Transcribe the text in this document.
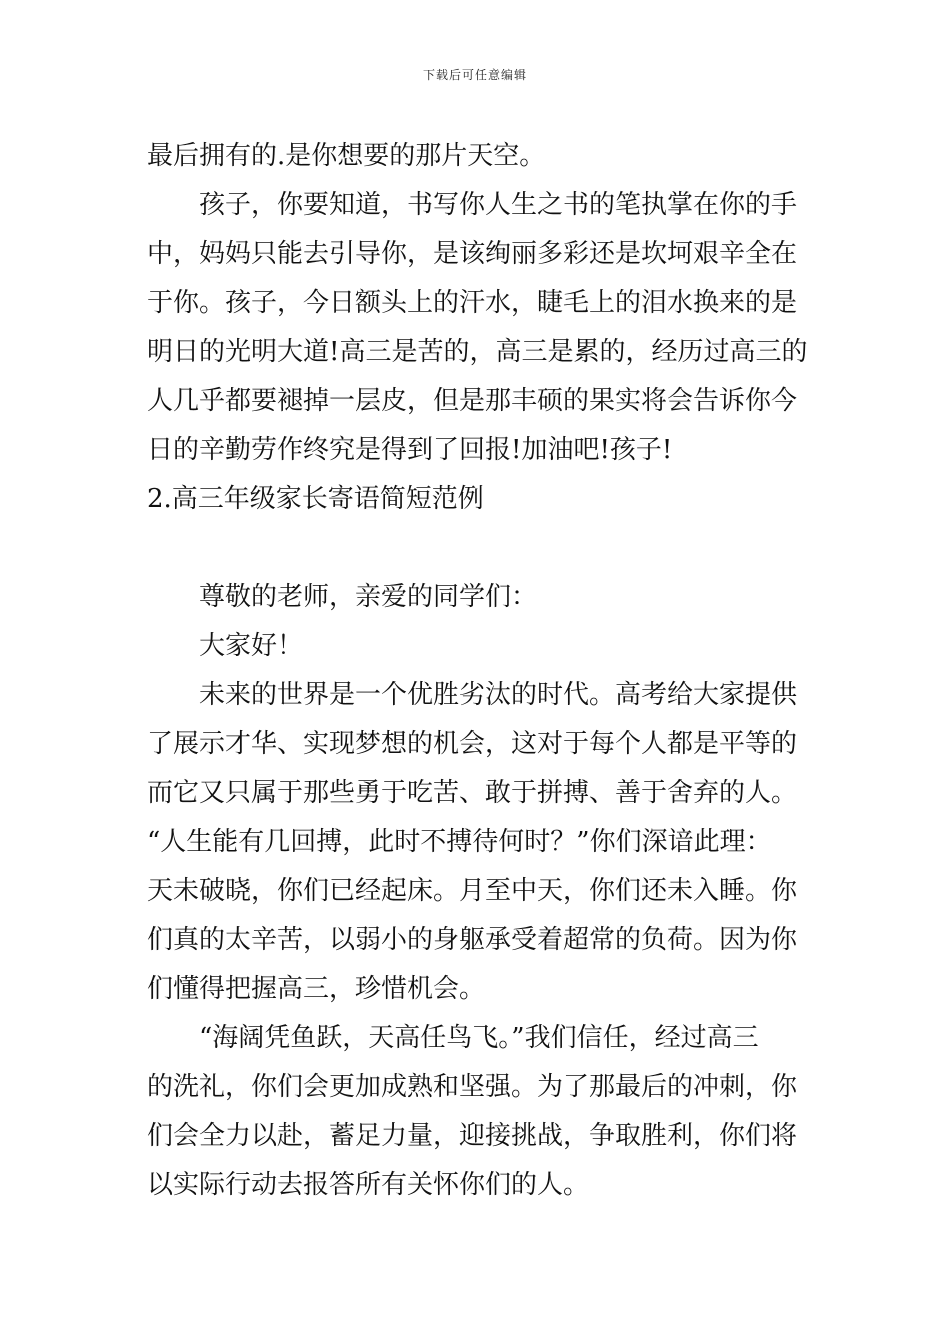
下载后可任意编辑
最后拥有的.是你想要的那片天空。
　　孩子，你要知道，书写你人生之书的笔执掌在你的手
中，妈妈只能去引导你，是该绚丽多彩还是坎坷艰辛全在
于你。孩子，今日额头上的汗水，睫毛上的泪水换来的是
明日的光明大道!高三是苦的，高三是累的，经历过高三的
人几乎都要褪掉一层皮，但是那丰硕的果实将会告诉你今
日的辛勤劳作终究是得到了回报!加油吧!孩子!
2.高三年级家长寄语简短范例
　　尊敬的老师，亲爱的同学们：
　　大家好！
　　未来的世界是一个优胜劣汰的时代。高考给大家提供
了展示才华、实现梦想的机会，这对于每个人都是平等的
而它又只属于那些勇于吃苦、敢于拼搏、善于舍弃的人。
“人生能有几回搏，此时不搏待何时？”你们深谙此理：
天未破晓，你们已经起床。月至中天，你们还未入睡。你
们真的太辛苦，以弱小的身躯承受着超常的负荷。因为你
们懂得把握高三，珍惜机会。
　　“海阔凭鱼跃，天高任鸟飞。”我们信任，经过高三
的洗礼，你们会更加成熟和坚强。为了那最后的冲刺，你
们会全力以赴，蓄足力量，迎接挑战，争取胜利，你们将
以实际行动去报答所有关怀你们的人。
